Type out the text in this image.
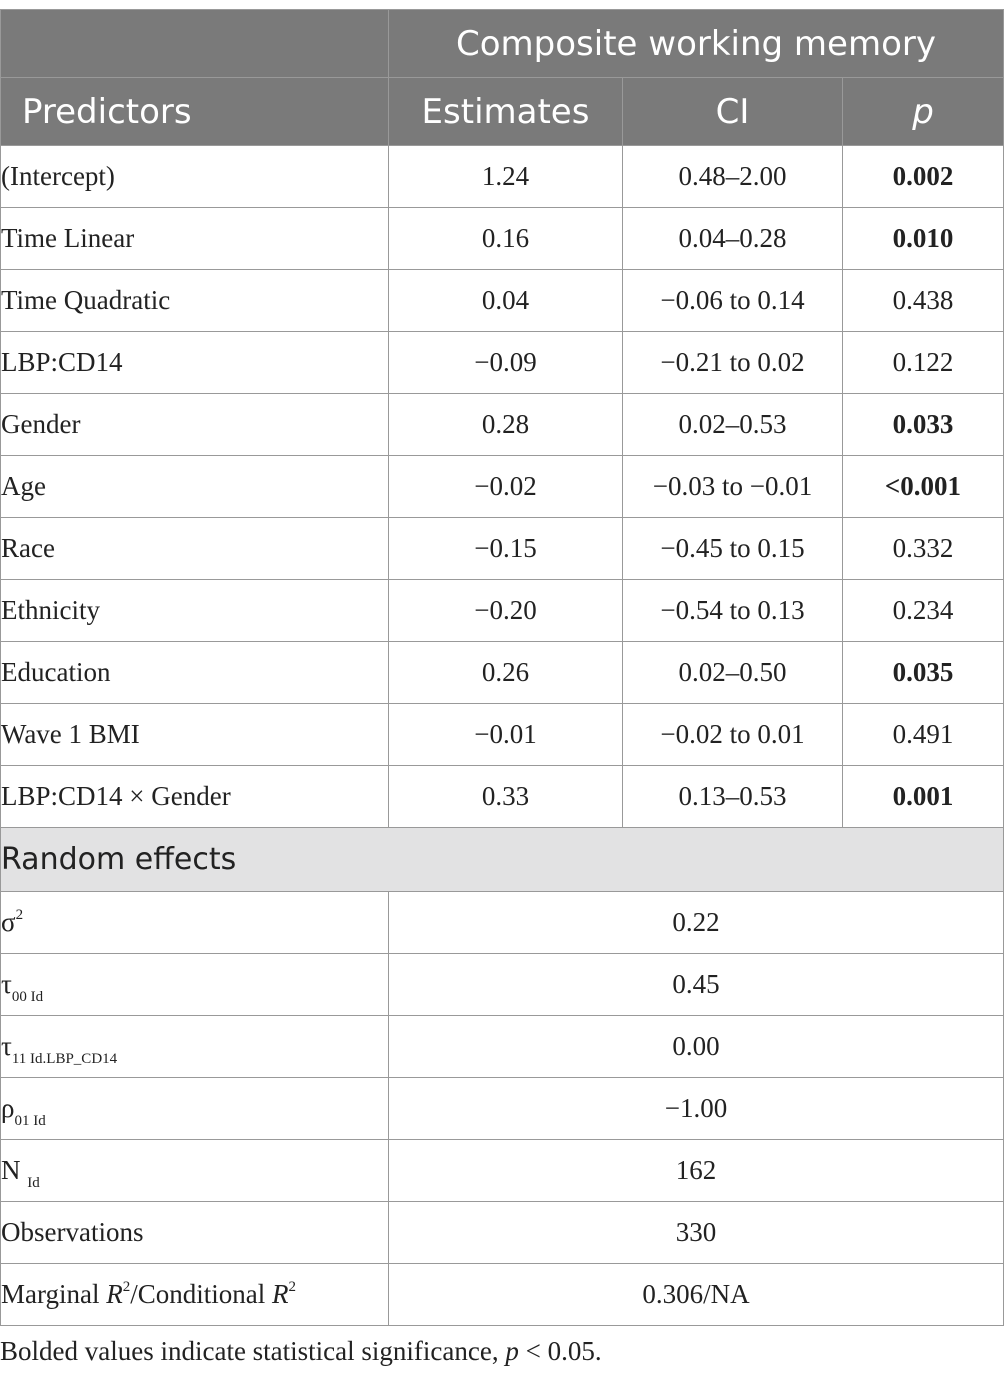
	Composite working memory		
Predictors	Estimates	CI	p
(Intercept)	1.24	0.48–2.00	0.002
Time Linear	0.16	0.04–0.28	0.010
Time Quadratic	0.04	−0.06 to 0.14	0.438
LBP:CD14	−0.09	−0.21 to 0.02	0.122
Gender	0.28	0.02–0.53	0.033
Age	−0.02	−0.03 to −0.01	<0.001
Race	−0.15	−0.45 to 0.15	0.332
Ethnicity	−0.20	−0.54 to 0.13	0.234
Education	0.26	0.02–0.50	0.035
Wave 1 BMI	−0.01	−0.02 to 0.01	0.491
LBP:CD14 × Gender	0.33	0.13–0.53	0.001
Random effects			
$\sigma^2$	0.22		
$\tau_{00 Id}$	0.45		
$\tau_{11 Id.LBP\_CD14}$	0.00		
$\rho_{01 Id}$	−1.00		
N $_{Id}$	162		
Observations	330		
Marginal $R^2$/Conditional $R^2$	0.306/NA		
Bolded values indicate statistical significance, p < 0.05.
